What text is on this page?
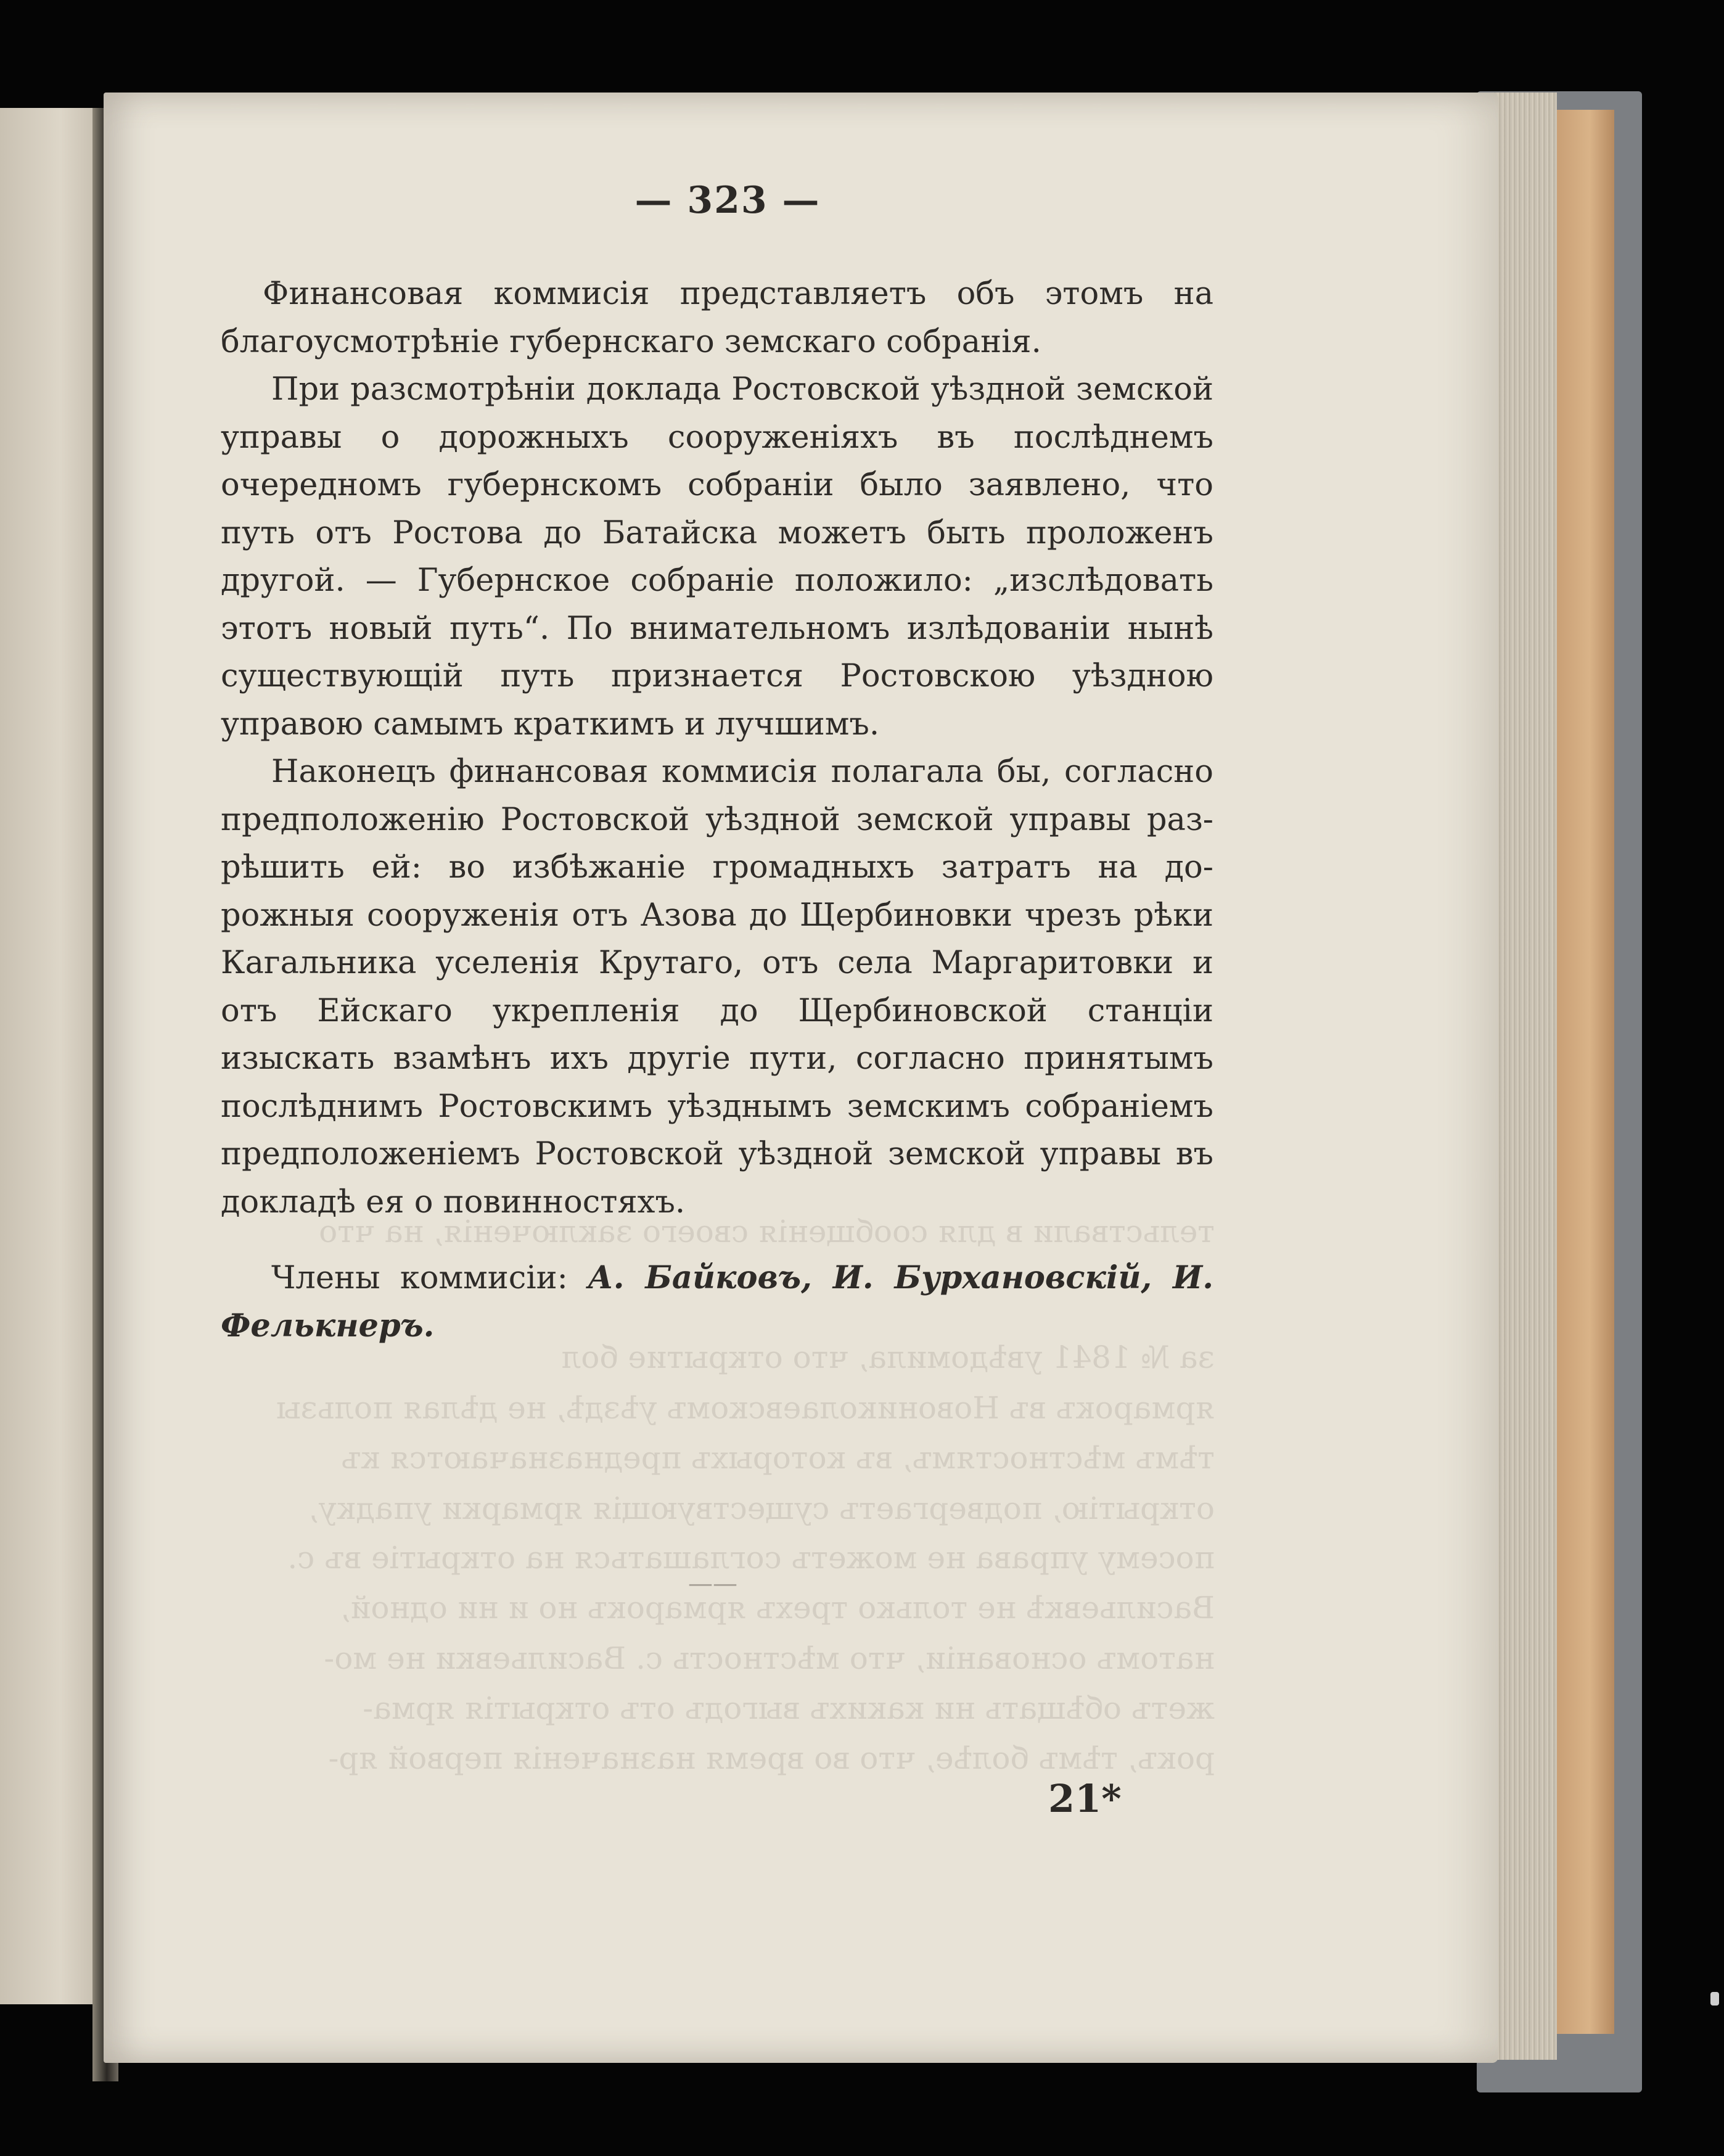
тельствали в для сообщенія своего заключенія, на что
за № 1841 увѣдомила, что открытие бол
ярмарокъ въ Новониколаевскомъ уѣздѣ, не дѣлая пользы
тѣмъ мѣстностямъ, въ которыхъ предназначаются къ
открытію, подвергаетъ существующія ярмарки упадку,
посему управа не можетъ соглашаться на открытіе въ с.
Васильевкѣ не только трехъ ярмарокъ но и ни одной,
натомъ основаніи, что мѣстность с. Васильевки не мо-
жетъ обѣщать ни какихъ выгодъ отъ открытія ярма-
рокъ, тѣмъ болѣе, что во время назначенія первой яр-
— 323 —

Финансовая коммисія представляетъ объ этомъ на благоусмотрѣніе губернскаго земскаго собранія.

При разсмотрѣніи доклада Ростовской уѣздной земской управы о дорожныхъ сооруженіяхъ въ послѣднемъ очередномъ губернскомъ собраніи было заявлено, что путь отъ Ростова до Батайска можетъ быть проложенъ другой. — Губернское собраніе положило: „изслѣдовать этотъ новый путь“. По внимательномъ излѣдованіи нынѣ существующій путь признается Ростовскою уѣздною управою самымъ краткимъ и лучшимъ.

Наконецъ финансовая коммисія полагала бы, согласно предположенію Ростовской уѣздной земской управы разрѣшить ей: во избѣжаніе громадныхъ затратъ на дорожныя сооруженія отъ Азова до Щербиновки чрезъ рѣки Кагальника уселенія Крутаго, отъ села Маргаритовки и отъ Ейскаго укрепленія до Щербиновской станціи изыскать взамѣнъ ихъ другіе пути, согласно принятымъ послѣднимъ Ростовскимъ уѣзднымъ земскимъ собраніемъ предположеніемъ Ростовской уѣздной земской управы въ докладѣ ея о повинностяхъ.

Члены коммисіи: А. Байковъ, И. Бурхановскій, И. Фелькнеръ.

——
21*
